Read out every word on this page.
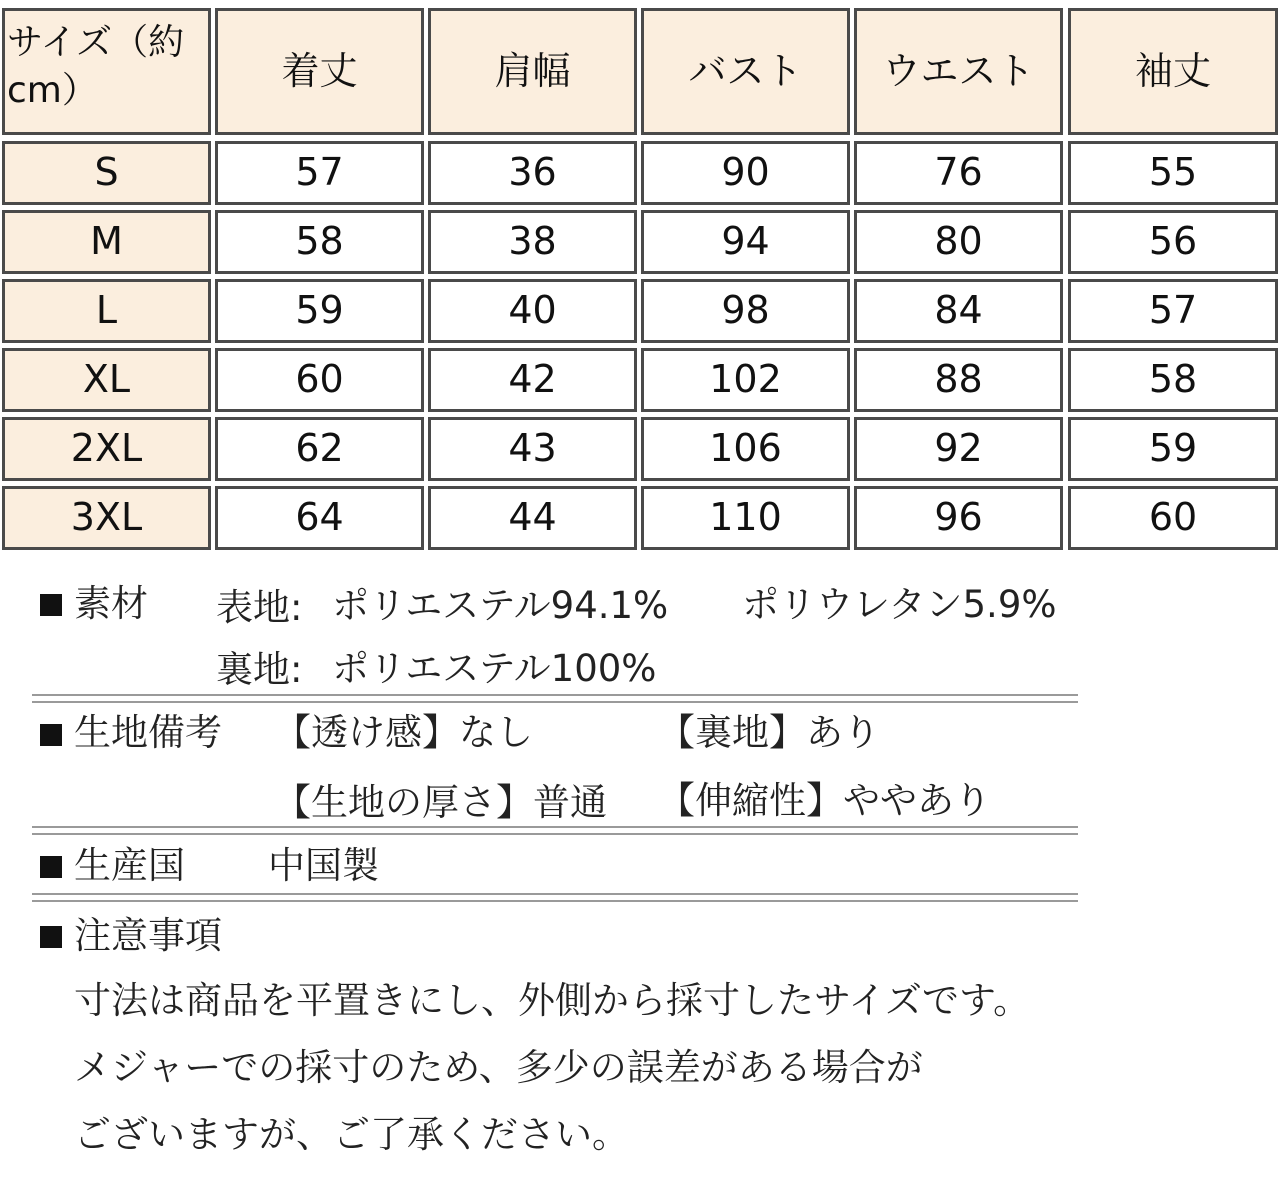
サイズ（約cm）	着丈	肩幅	バスト	ウエスト	袖丈
S	57	36	90	76	55
M	58	38	94	80	56
L	59	40	98	84	57
XL	60	42	102	88	58
2XL	62	43	106	92	59
3XL	64	44	110	96	60
素材 表地: ポリエステル94.1% ポリウレタン5.9%
裏地: ポリエステル100%
生地備考 【透け感】なし	【裏地】あり
【生地の厚さ】普通 【伸縮性】ややあり
生産国 中国製
注意事項
寸法は商品を平置きにし、外側から採寸したサイズです。
メジャーでの採寸のため、多少の誤差がある場合が
ございますが、ご了承ください。
